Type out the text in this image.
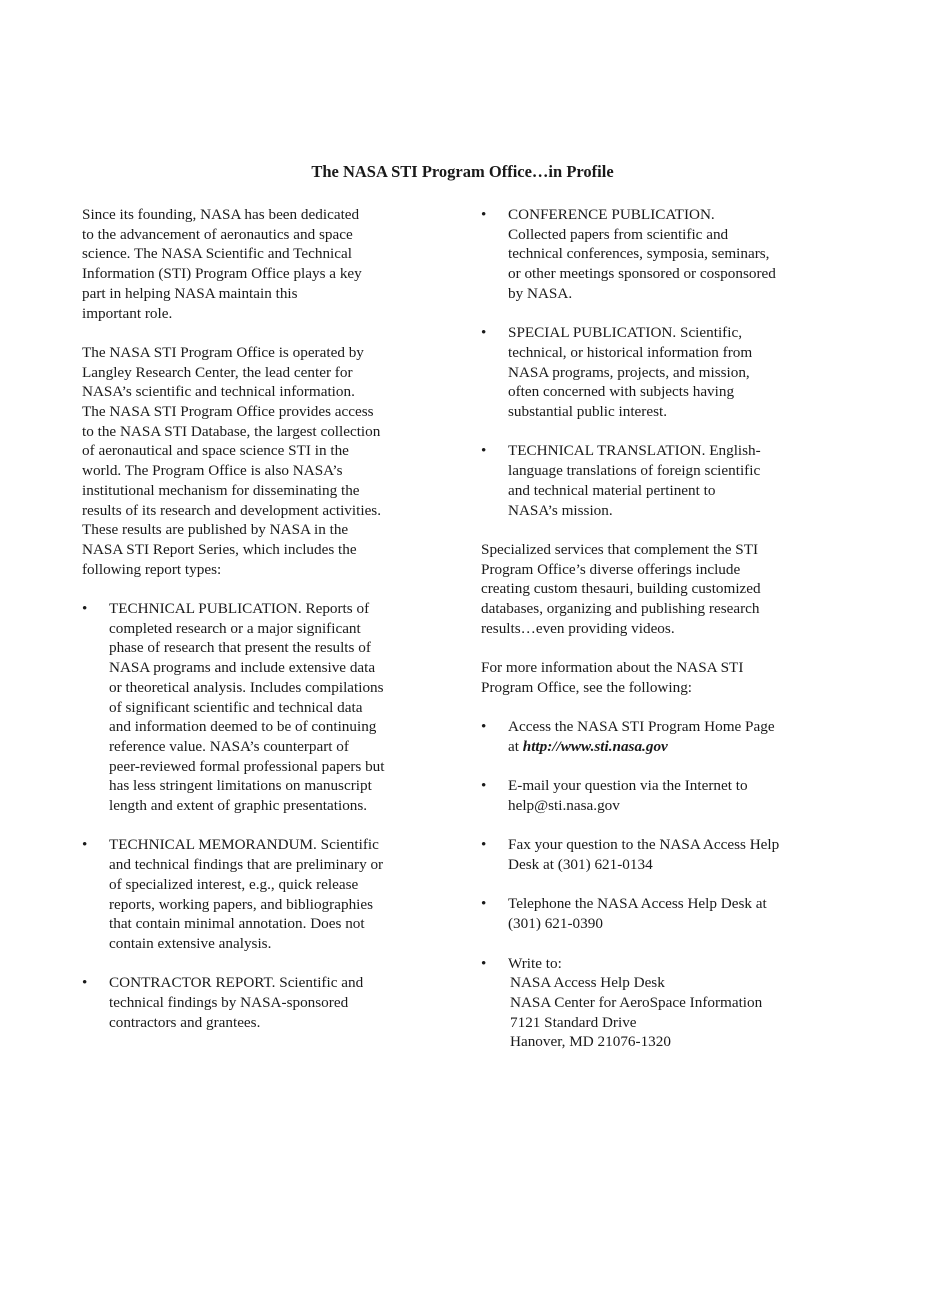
The NASA STI Program Office…in Profile

Since its founding, NASA has been dedicated
to the advancement of aeronautics and space
science. The NASA Scientific and Technical
Information (STI) Program Office plays a key
part in helping NASA maintain this
important role.

The NASA STI Program Office is operated by
Langley Research Center, the lead center for
NASA’s scientific and technical information.
The NASA STI Program Office provides access
to the NASA STI Database, the largest collection
of aeronautical and space science STI in the
world. The Program Office is also NASA’s
institutional mechanism for disseminating the
results of its research and development activities.
These results are published by NASA in the
NASA STI Report Series, which includes the
following report types:

• TECHNICAL PUBLICATION. Reports of
completed research or a major significant
phase of research that present the results of
NASA programs and include extensive data
or theoretical analysis. Includes compilations
of significant scientific and technical data
and information deemed to be of continuing
reference value. NASA’s counterpart of
peer-reviewed formal professional papers but
has less stringent limitations on manuscript
length and extent of graphic presentations.
• TECHNICAL MEMORANDUM. Scientific
and technical findings that are preliminary or
of specialized interest, e.g., quick release
reports, working papers, and bibliographies
that contain minimal annotation. Does not
contain extensive analysis.
• CONTRACTOR REPORT. Scientific and
technical findings by NASA-sponsored
contractors and grantees.
• CONFERENCE PUBLICATION.
Collected papers from scientific and
technical conferences, symposia, seminars,
or other meetings sponsored or cosponsored
by NASA.
• SPECIAL PUBLICATION. Scientific,
technical, or historical information from
NASA programs, projects, and mission,
often concerned with subjects having
substantial public interest.
• TECHNICAL TRANSLATION. English-
language translations of foreign scientific
and technical material pertinent to
NASA’s mission.

Specialized services that complement the STI
Program Office’s diverse offerings include
creating custom thesauri, building customized
databases, organizing and publishing research
results…even providing videos.

For more information about the NASA STI
Program Office, see the following:

• Access the NASA STI Program Home Page
at http://www.sti.nasa.gov
• E-mail your question via the Internet to
help@sti.nasa.gov
• Fax your question to the NASA Access Help
Desk at (301) 621-0134
• Telephone the NASA Access Help Desk at
(301) 621-0390
• Write to:
NASA Access Help Desk
NASA Center for AeroSpace Information
7121 Standard Drive
Hanover, MD 21076-1320
